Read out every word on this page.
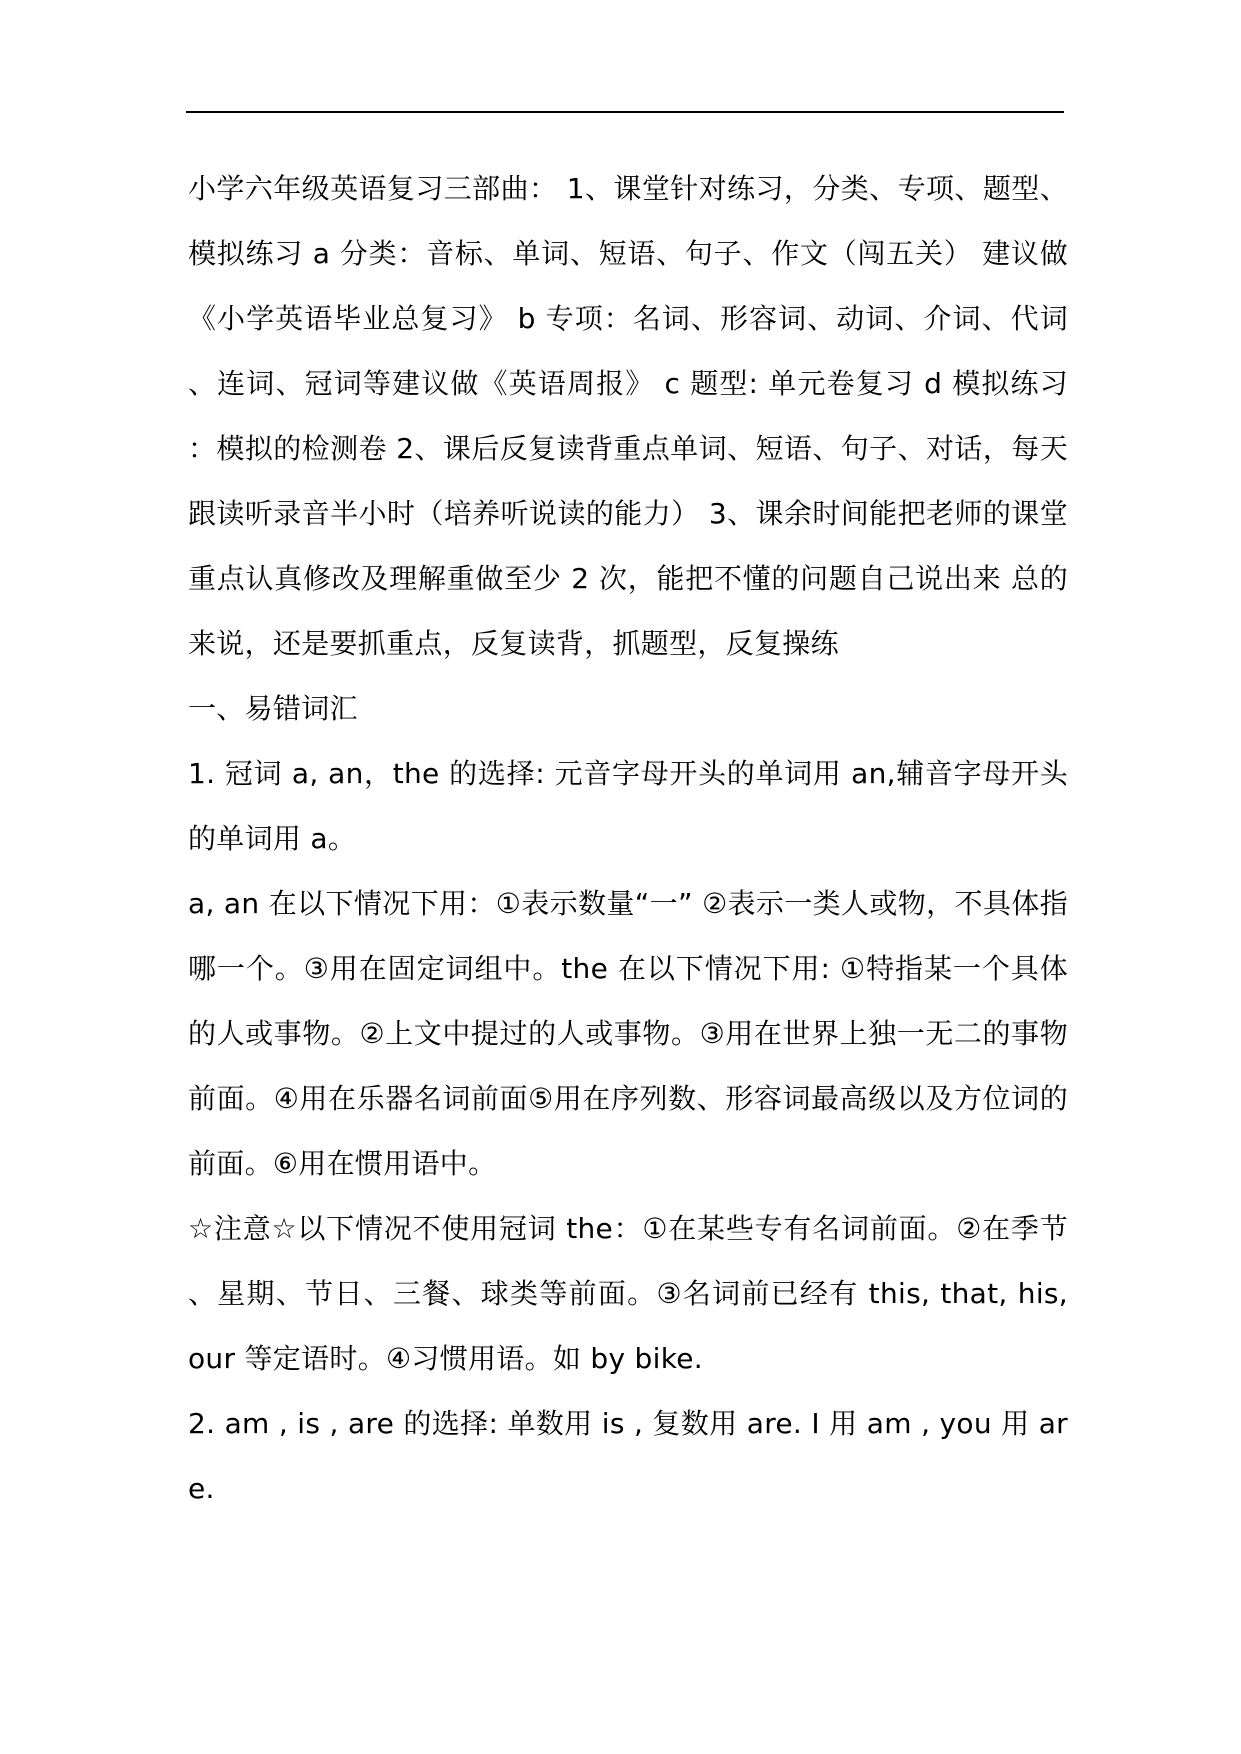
小学六年级英语复习三部曲： 1、课堂针对练习，分类、专项、题型、模拟练习 a 分类：音标、单词、短语、句子、作文（闯五关） 建议做《小学英语毕业总复习》 b 专项：名词、形容词、动词、介词、代词、连词、冠词等建议做《英语周报》 c 题型: 单元卷复习 d 模拟练习：模拟的检测卷 2、课后反复读背重点单词、短语、句子、对话，每天跟读听录音半小时（培养听说读的能力） 3、课余时间能把老师的课堂重点认真修改及理解重做至少 2 次，能把不懂的问题自己说出来 总的来说，还是要抓重点，反复读背，抓题型，反复操练

一、易错词汇

1. 冠词 a, an，the 的选择: 元音字母开头的单词用 an,辅音字母开头的单词用 a。

a, an 在以下情况下用：①表示数量“一” ②表示一类人或物，不具体指哪一个。③用在固定词组中。the 在以下情况下用: ①特指某一个具体的人或事物。②上文中提过的人或事物。③用在世界上独一无二的事物前面。④用在乐器名词前面⑤用在序列数、形容词最高级以及方位词的前面。⑥用在惯用语中。

☆注意☆以下情况不使用冠词 the：①在某些专有名词前面。②在季节、星期、节日、三餐、球类等前面。③名词前已经有 this, that, his, our 等定语时。④习惯用语。如 by bike.

2. am , is , are 的选择: 单数用 is , 复数用 are. I 用 am , you 用 are.
